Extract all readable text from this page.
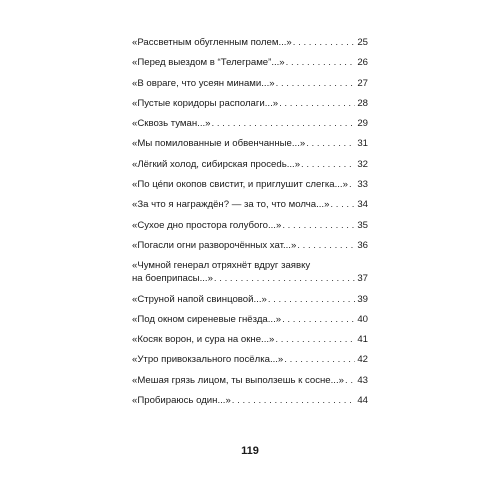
«Рассветным обугленным полем...» . . .	25
«Перед выездом в “Телеграме”...» . . .	26
«В овраге, что усеян минами...» . . .	27
«Пустые коридоры располаги...» . . .	28
«Сквозь туман...» . . .	29
«Мы помилованные и обвенчанные...» . . .	31
«Лёгкий холод, сибирская просedь...» . . .	32
«По це́пи окопов свистит, и приглушит слегка...» . . . 33
«За что я награждён? — за то, что молча...» . . .	34
«Сухое дно простора голубого...» . . .	35
«Погасли огни разворочённых хат...» . . .	36
«Чумной генерал отряхнёт вдруг заявку
на боеприпасы...» . . .	37
«Струной напой свинцовой...» . . .	39
«Под окном сиреневые гнёзда...» . . .	40
«Косяк ворон, и сура на окне...» . . .	41
«Утро привокзального посёлка...» . . .	42
«Мешая грязь лицом, ты выползешь к сосне...» . . . 43
«Пробираюсь один...» . . .	44
119
